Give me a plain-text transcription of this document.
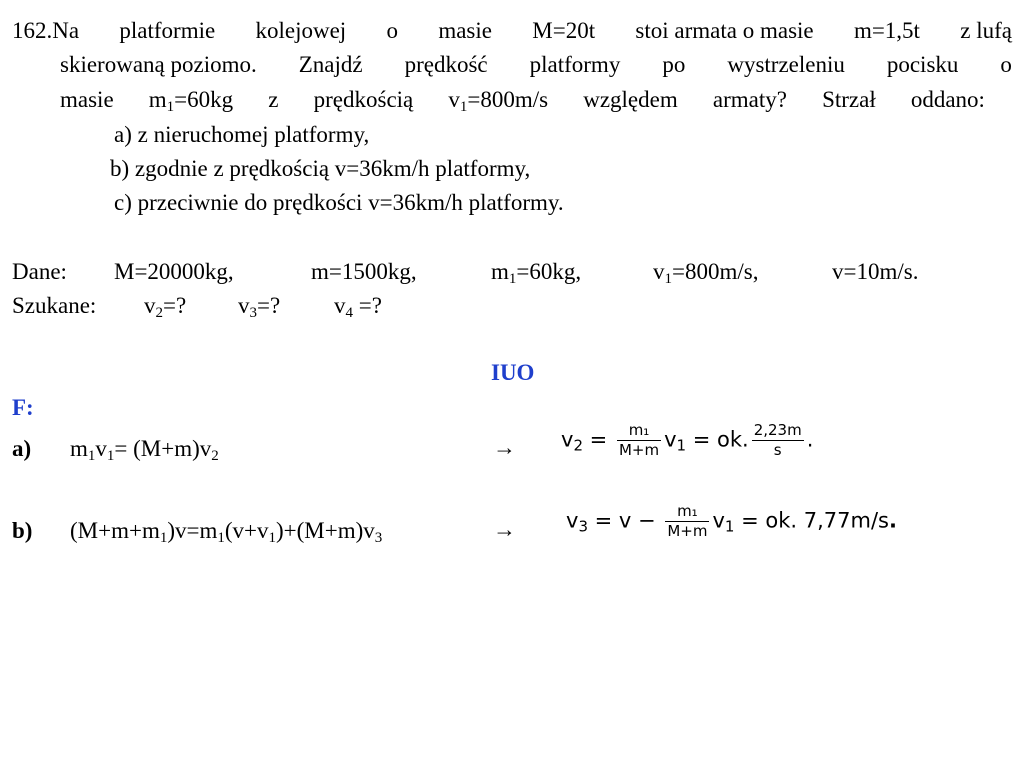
162.Na platformie kolejowej o masie M=20t stoi armata o masie m=1,5t z lufą
skierowaną poziomo. Znajdź prędkość platformy po wystrzeleniu pocisku o
masie $m_1=60kg$ z prędkością $v_1=800m/s$ względem armaty? Strzał oddano:
a) z nieruchomej platformy,
b) zgodnie z prędkością v=36km/h platformy,
c) przeciwnie do prędkości v=36km/h platformy.
Dane: M=20000kg,	m=1500kg,	$m_1=60kg$,	$v_1=800m/s$,	v=10m/s.
Szukane: $v_2=$? $v_3=$? $v_4$ =?
IUO
F:
a) $m_1v_1= (M+m)v_2$	→ $v_2 = \frac{\text{m₁}}{M+m} v_1$ = ok. $\frac{2,23m}{s}$ .
b) $(M+m+m_1)v=m_1(v+v_1)+(M+m)v_3$	→ $v_3 = v - \frac{\text{m₁}}{M+m} v_1$ = ok. 7,77m/s.
